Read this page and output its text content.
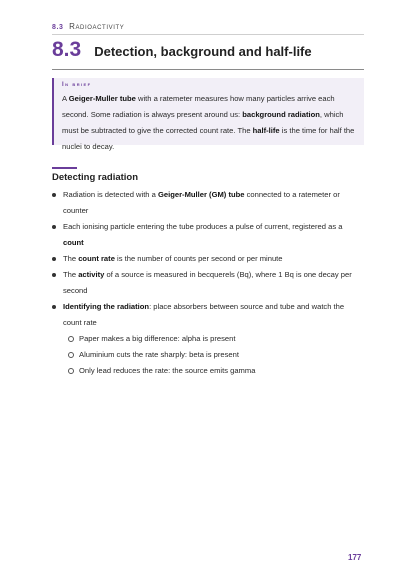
8.3 Radioactivity
8.3 Detection, background and half-life
In brief
A Geiger-Muller tube with a ratemeter measures how many particles arrive each second. Some radiation is always present around us: background radiation, which must be subtracted to give the corrected count rate. The half-life is the time for half the nuclei to decay.
Detecting radiation
Radiation is detected with a Geiger-Muller (GM) tube connected to a ratemeter or counter
Each ionising particle entering the tube produces a pulse of current, registered as a count
The count rate is the number of counts per second or per minute
The activity of a source is measured in becquerels (Bq), where 1 Bq is one decay per second
Identifying the radiation: place absorbers between source and tube and watch the count rate
Paper makes a big difference: alpha is present
Aluminium cuts the rate sharply: beta is present
Only lead reduces the rate: the source emits gamma
177
